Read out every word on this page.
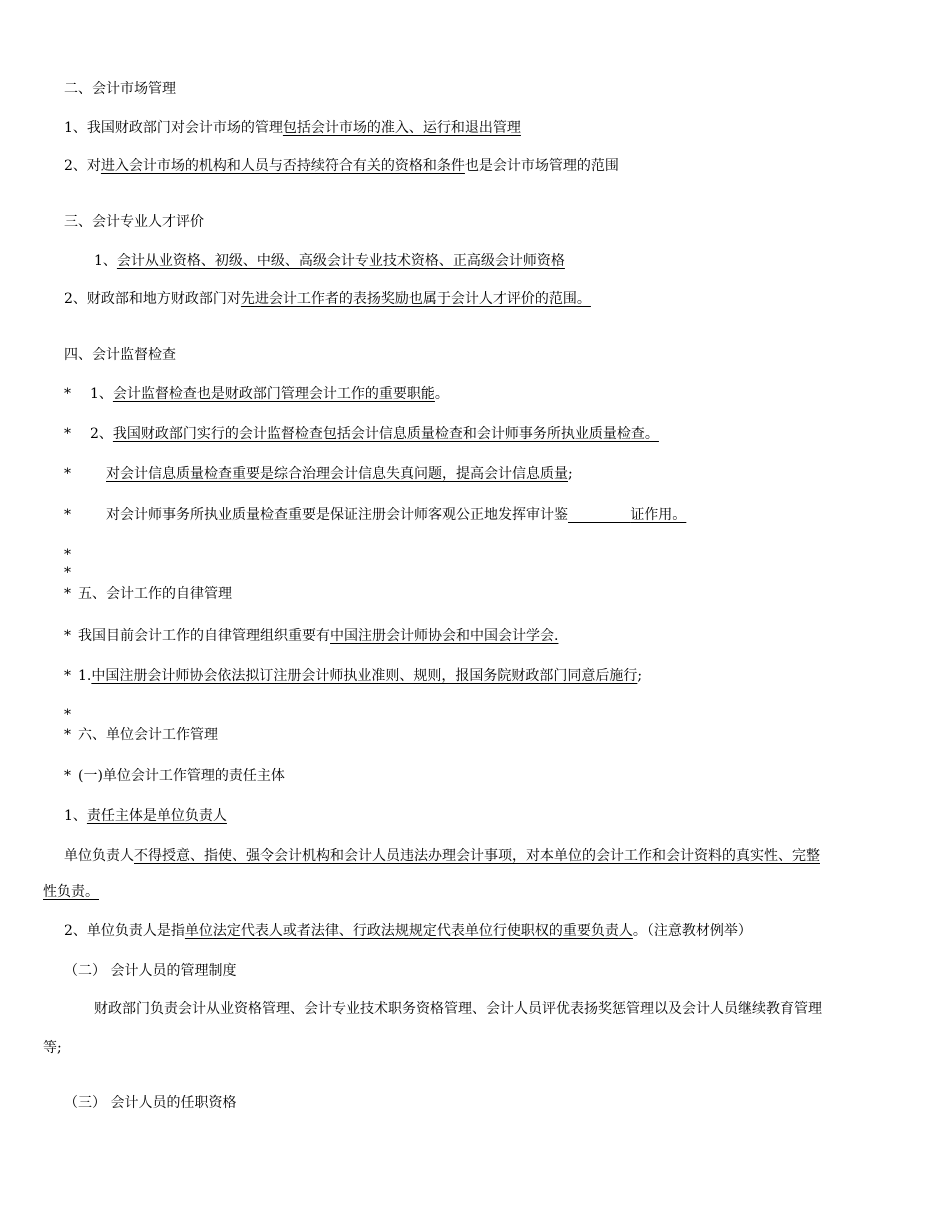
二、会计市场管理
1、我国财政部门对会计市场的管理包括会计市场的准入、运行和退出管理
2、对进入会计市场的机构和人员与否持续符合有关的资格和条件也是会计市场管理的范围
三、会计专业人才评价
1、会计从业资格、初级、中级、高级会计专业技术资格、正高级会计师资格
2、财政部和地方财政部门对先进会计工作者的表扬奖励也属于会计人才评价的范围。
四、会计监督检查
* 1、会计监督检查也是财政部门管理会计工作的重要职能。
* 2、我国财政部门实行的会计监督检查包括会计信息质量检查和会计师事务所执业质量检查。
*	对会计信息质量检查重要是综合治理会计信息失真问题，提高会计信息质量;
*	对会计师事务所执业质量检查重要是保证注册会计师客观公正地发挥审计鉴	证作用。
*
*
* 五、会计工作的自律管理
* 我国目前会计工作的自律管理组织重要有中国注册会计师协会和中国会计学会.
* 1.中国注册会计师协会依法拟订注册会计师执业准则、规则，报国务院财政部门同意后施行;
*
* 六、单位会计工作管理
* (一)单位会计工作管理的责任主体
1、责任主体是单位负责人
单位负责人不得授意、指使、强令会计机构和会计人员违法办理会计事项，对本单位的会计工作和会计资料的真实性、完整
性负责。
2、单位负责人是指单位法定代表人或者法律、行政法规规定代表单位行使职权的重要负责人。（注意教材例举）
（二） 会计人员的管理制度
财政部门负责会计从业资格管理、会计专业技术职务资格管理、会计人员评优表扬奖惩管理以及会计人员继续教育管理
等;
（三） 会计人员的任职资格
